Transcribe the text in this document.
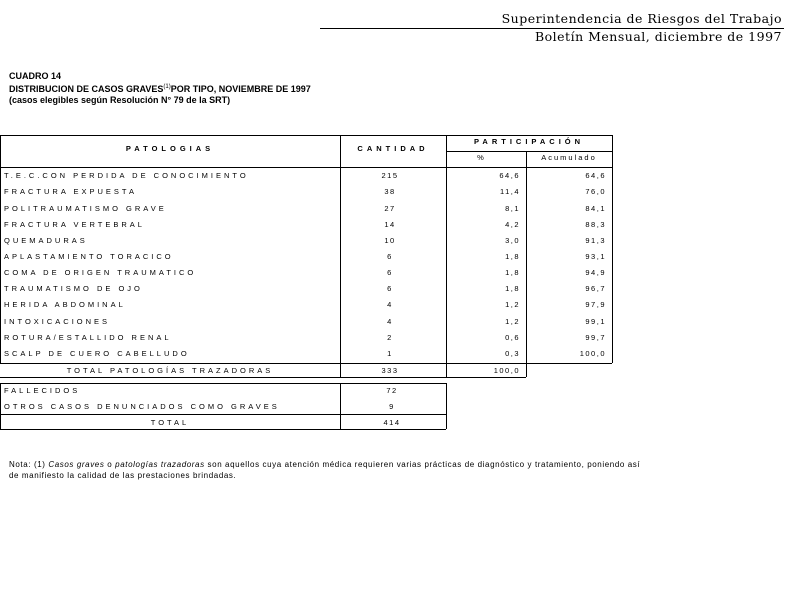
Superintendencia de Riesgos del Trabajo
Boletín Mensual, diciembre de 1997
CUADRO 14
DISTRIBUCION DE CASOS GRAVES$^{(1)}$POR TIPO, NOVIEMBRE DE 1997
(casos elegibles según Resolución N° 79 de la SRT)
PATOLOGIAS	CANTIDAD
PARTICIPACIÓN
%	Acumulado
T.E.C.CON PERDIDA DE CONOCIMIENTO	215	64,6	64,6
FRACTURA EXPUESTA	38	11,4	76,0
POLITRAUMATISMO GRAVE	27	8,1	84,1
FRACTURA VERTEBRAL	14	4,2	88,3
QUEMADURAS	10	3,0	91,3
APLASTAMIENTO TORACICO	6	1,8	93,1
COMA DE ORIGEN TRAUMATICO	6	1,8	94,9
TRAUMATISMO DE OJO	6	1,8	96,7
HERIDA ABDOMINAL	4	1,2	97,9
INTOXICACIONES	4	1,2	99,1
ROTURA/ESTALLIDO RENAL	2	0,6	99,7
SCALP DE CUERO CABELLUDO	1	0,3	100,0
TOTAL PATOLOGÍAS TRAZADORAS	333	100,0
FALLECIDOS	72
OTROS CASOS DENUNCIADOS COMO GRAVES	9
TOTAL	414
Nota: (1) Casos graves o patologías trazadoras son aquellos cuya atención médica requieren varias prácticas de diagnóstico y tratamiento, poniendo así de manifiesto la calidad de las prestaciones brindadas.
